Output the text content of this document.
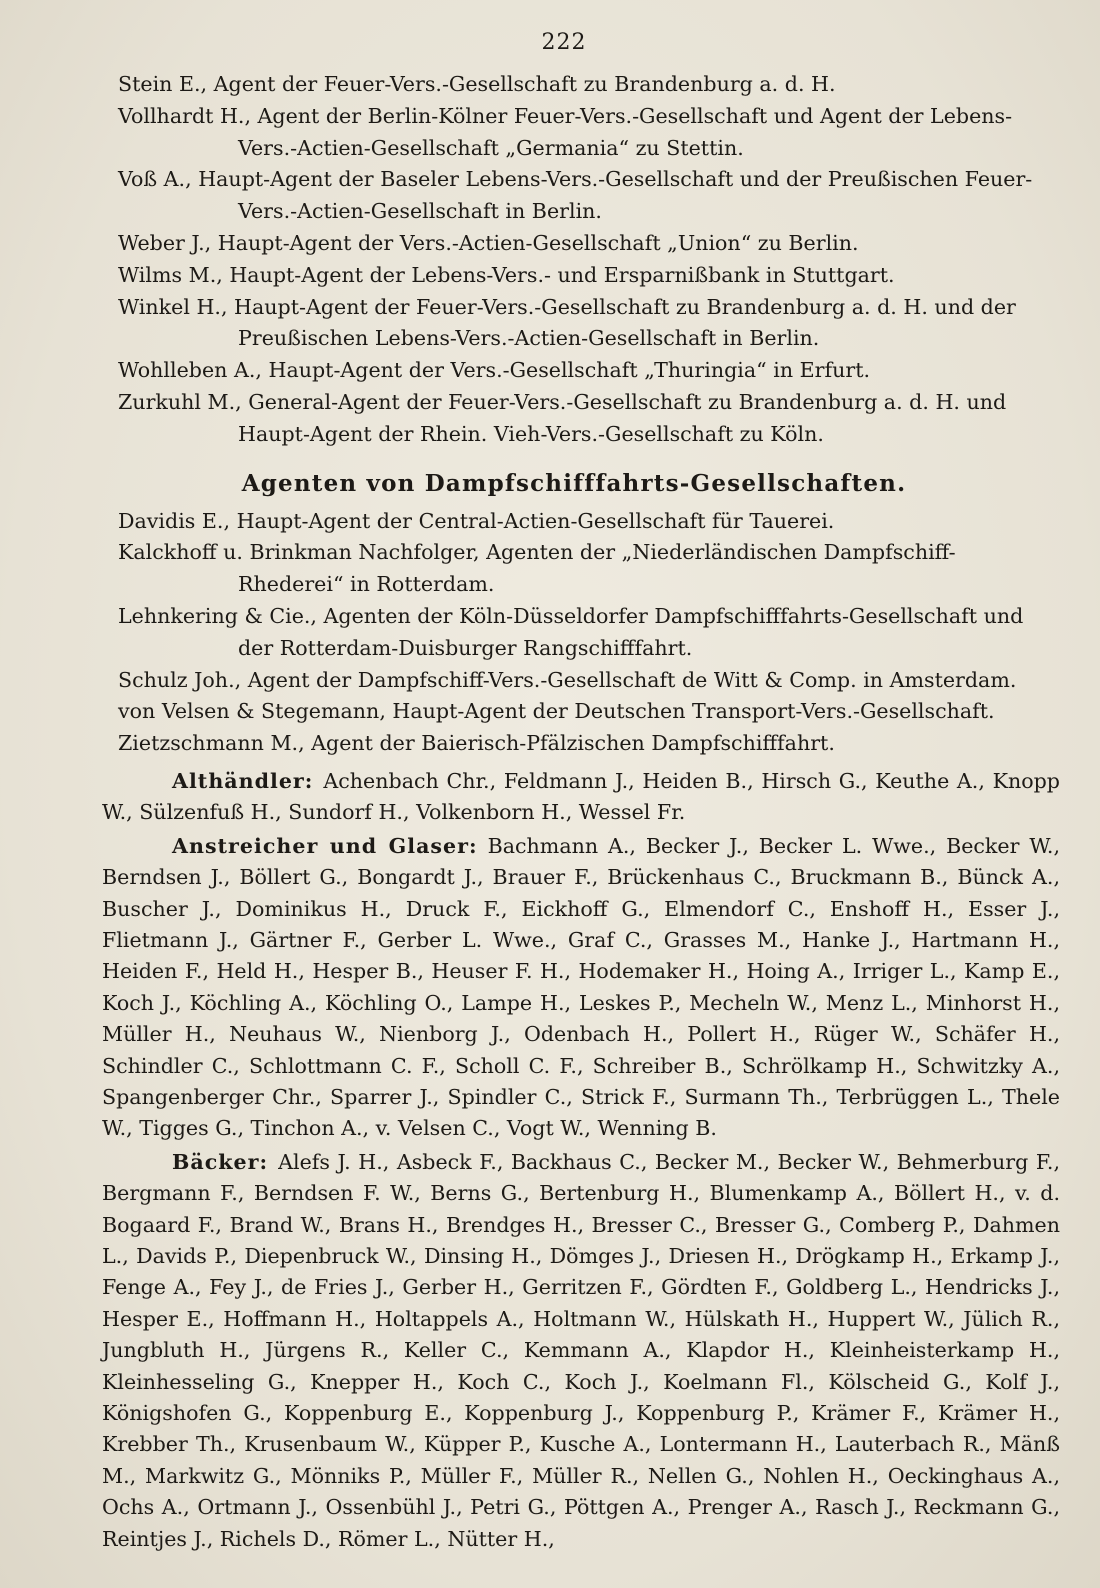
222
Stein E., Agent der Feuer-Vers.-Gesellschaft zu Brandenburg a. d. H.
Vollhardt H., Agent der Berlin-Kölner Feuer-Vers.-Gesellschaft und Agent der Lebens-Vers.-Actien-Gesellschaft „Germania“ zu Stettin.
Voß A., Haupt-Agent der Baseler Lebens-Vers.-Gesellschaft und der Preußischen Feuer-Vers.-Actien-Gesellschaft in Berlin.
Weber J., Haupt-Agent der Vers.-Actien-Gesellschaft „Union“ zu Berlin.
Wilms M., Haupt-Agent der Lebens-Vers.- und Ersparnißbank in Stuttgart.
Winkel H., Haupt-Agent der Feuer-Vers.-Gesellschaft zu Brandenburg a. d. H. und der Preußischen Lebens-Vers.-Actien-Gesellschaft in Berlin.
Wohlleben A., Haupt-Agent der Vers.-Gesellschaft „Thuringia“ in Erfurt.
Zurkuhl M., General-Agent der Feuer-Vers.-Gesellschaft zu Brandenburg a. d. H. und Haupt-Agent der Rhein. Vieh-Vers.-Gesellschaft zu Köln.
Agenten von Dampfschifffahrts-Gesellschaften.
Davidis E., Haupt-Agent der Central-Actien-Gesellschaft für Tauerei.
Kalckhoff u. Brinkman Nachfolger, Agenten der „Niederländischen Dampfschiff-Rhederei“ in Rotterdam.
Lehnkering & Cie., Agenten der Köln-Düsseldorfer Dampfschifffahrts-Gesellschaft und der Rotterdam-Duisburger Rangschifffahrt.
Schulz Joh., Agent der Dampfschiff-Vers.-Gesellschaft de Witt & Comp. in Amsterdam.
von Velsen & Stegemann, Haupt-Agent der Deutschen Transport-Vers.-Gesellschaft.
Zietzschmann M., Agent der Baierisch-Pfälzischen Dampfschifffahrt.

Althändler: Achenbach Chr., Feldmann J., Heiden B., Hirsch G., Keuthe A., Knopp W., Sülzenfuß H., Sundorf H., Volkenborn H., Wessel Fr.

Anstreicher und Glaser: Bachmann A., Becker J., Becker L. Wwe., Becker W., Berndsen J., Böllert G., Bongardt J., Brauer F., Brückenhaus C., Bruckmann B., Bünck A., Buscher J., Dominikus H., Druck F., Eickhoff G., Elmendorf C., Enshoff H., Esser J., Flietmann J., Gärtner F., Gerber L. Wwe., Graf C., Grasses M., Hanke J., Hartmann H., Heiden F., Held H., Hesper B., Heuser F. H., Hodemaker H., Hoing A., Irriger L., Kamp E., Koch J., Köchling A., Köchling O., Lampe H., Leskes P., Mecheln W., Menz L., Minhorst H., Müller H., Neuhaus W., Nienborg J., Odenbach H., Pollert H., Rüger W., Schäfer H., Schindler C., Schlottmann C. F., Scholl C. F., Schreiber B., Schrölkamp H., Schwitzky A., Spangenberger Chr., Sparrer J., Spindler C., Strick F., Surmann Th., Terbrüggen L., Thele W., Tigges G., Tinchon A., v. Velsen C., Vogt W., Wenning B.

Bäcker: Alefs J. H., Asbeck F., Backhaus C., Becker M., Becker W., Behmerburg F., Bergmann F., Berndsen F. W., Berns G., Bertenburg H., Blumenkamp A., Böllert H., v. d. Bogaard F., Brand W., Brans H., Brendges H., Bresser C., Bresser G., Comberg P., Dahmen L., Davids P., Diepenbruck W., Dinsing H., Dömges J., Driesen H., Drögkamp H., Erkamp J., Fenge A., Fey J., de Fries J., Gerber H., Gerritzen F., Gördten F., Goldberg L., Hendricks J., Hesper E., Hoffmann H., Holtappels A., Holtmann W., Hülskath H., Huppert W., Jülich R., Jungbluth H., Jürgens R., Keller C., Kemmann A., Klapdor H., Kleinheisterkamp H., Kleinhesseling G., Knepper H., Koch C., Koch J., Koelmann Fl., Kölscheid G., Kolf J., Königshofen G., Koppenburg E., Koppenburg J., Koppenburg P., Krämer F., Krämer H., Krebber Th., Krusenbaum W., Küpper P., Kusche A., Lontermann H., Lauterbach R., Mänß M., Markwitz G., Mönniks P., Müller F., Müller R., Nellen G., Nohlen H., Oeckinghaus A., Ochs A., Ortmann J., Ossenbühl J., Petri G., Pöttgen A., Prenger A., Rasch J., Reckmann G., Reintjes J., Richels D., Römer L., Nütter H.,
